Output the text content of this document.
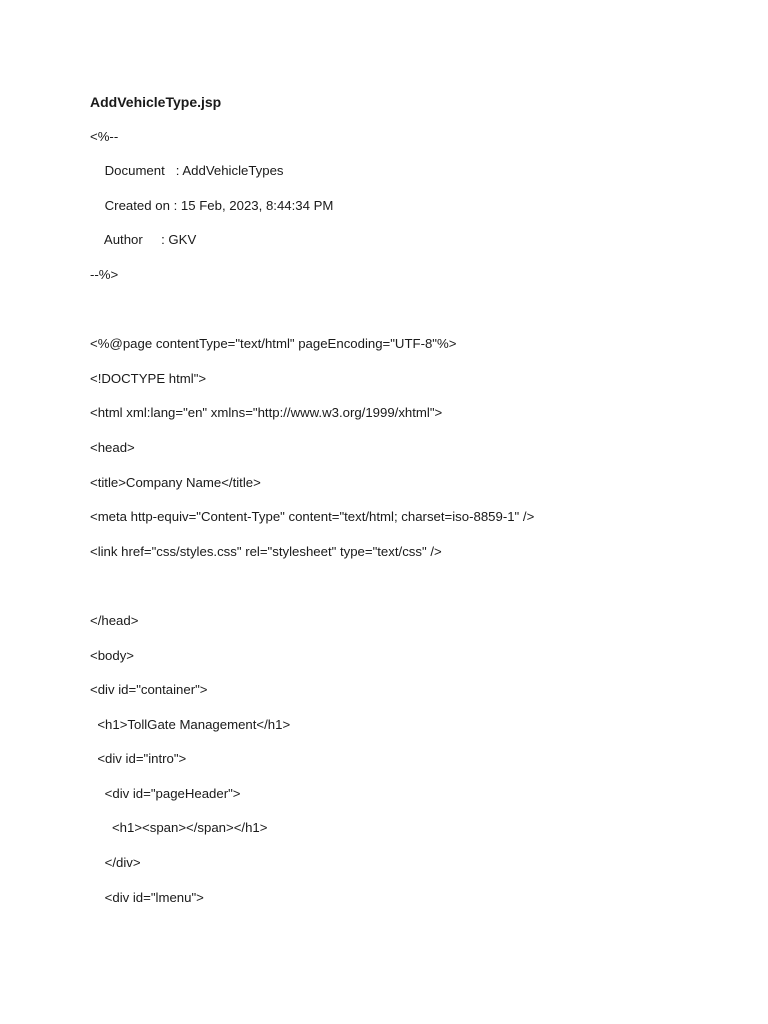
AddVehicleType.jsp
<%--
Document   : AddVehicleTypes
Created on : 15 Feb, 2023, 8:44:34 PM
Author     : GKV
--%>
<%@page contentType="text/html" pageEncoding="UTF-8"%>
<!DOCTYPE html">
<html xml:lang="en" xmlns="http://www.w3.org/1999/xhtml">
<head>
<title>Company Name</title>
<meta http-equiv="Content-Type" content="text/html; charset=iso-8859-1" />
<link href="css/styles.css" rel="stylesheet" type="text/css" />
</head>
<body>
<div id="container">
<h1>TollGate Management</h1>
<div id="intro">
<div id="pageHeader">
<h1><span></span></h1>
</div>
<div id="lmenu">
